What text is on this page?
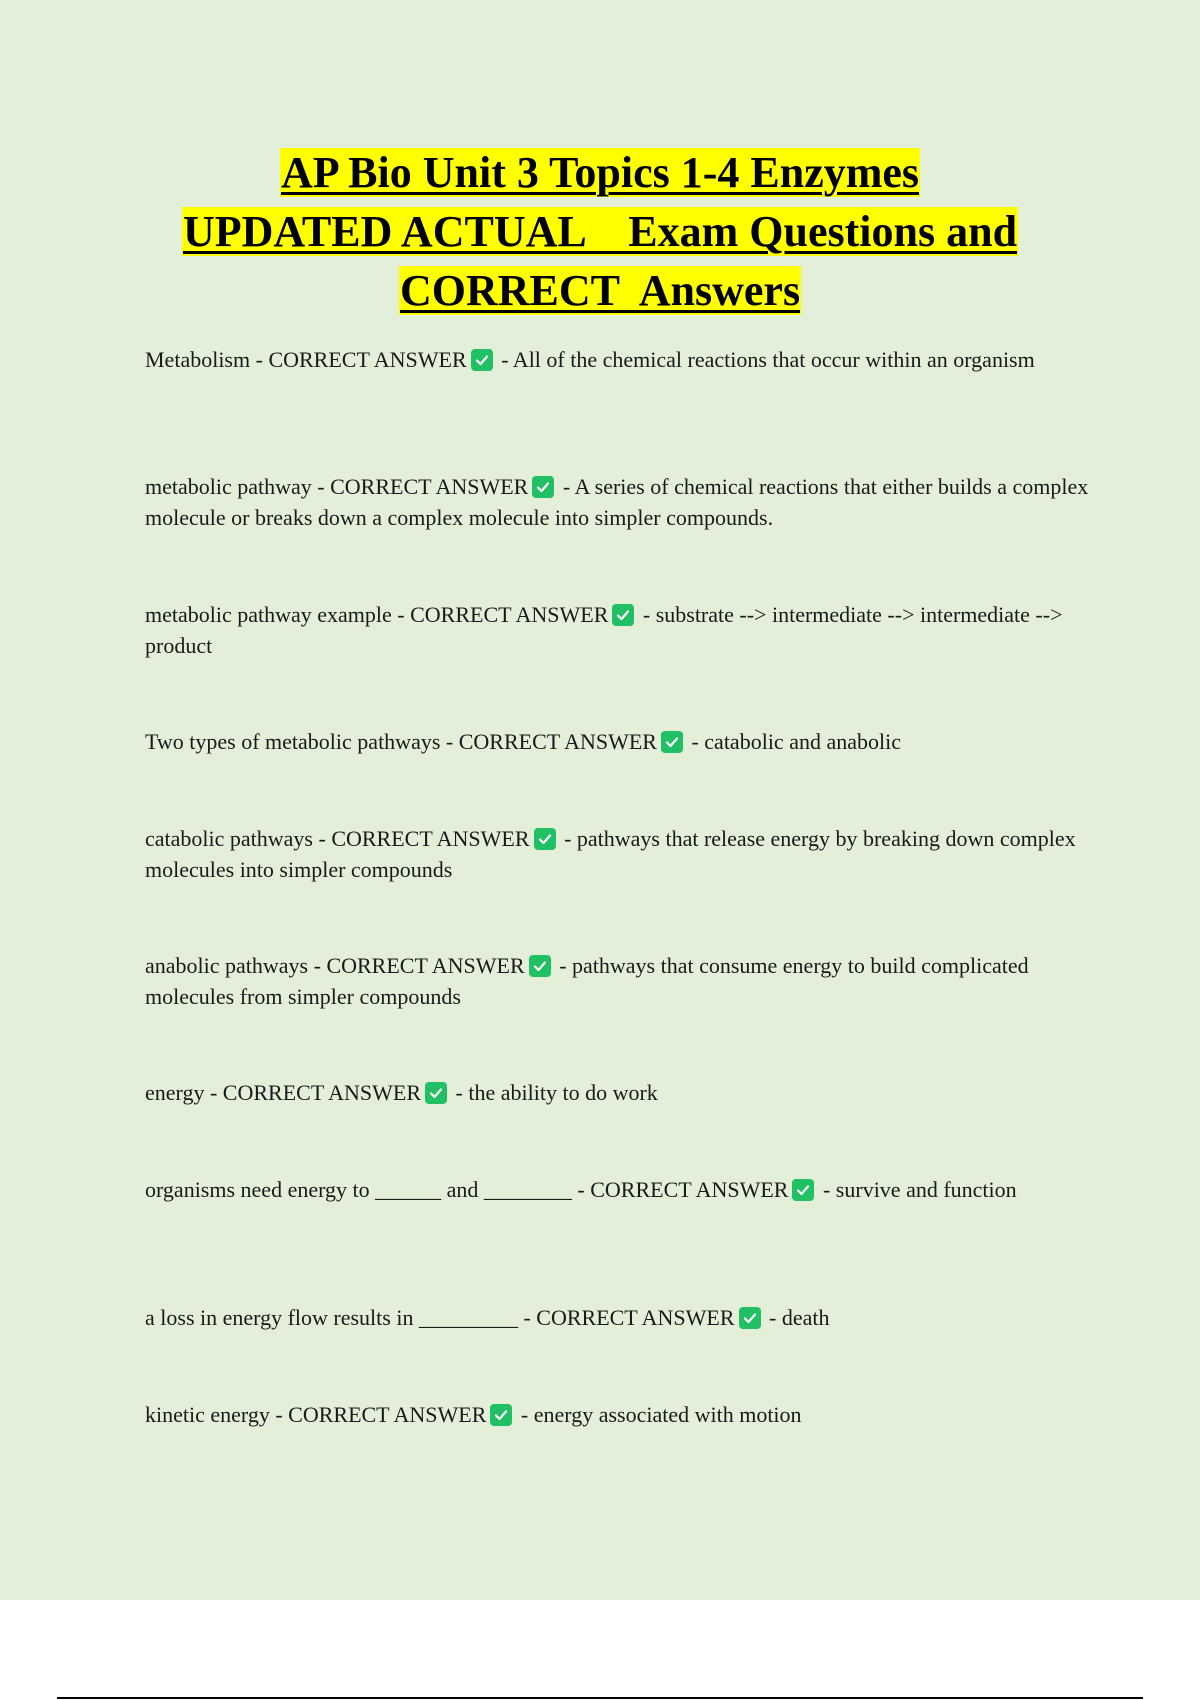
AP Bio Unit 3 Topics 1-4 Enzymes
UPDATED ACTUAL    Exam Questions and
CORRECT  Answers
Metabolism - CORRECT ANSWER
- All of the chemical reactions that occur within an organism
metabolic pathway - CORRECT ANSWER
- A series of chemical reactions that either builds a complex molecule or breaks down a complex molecule into simpler compounds.
metabolic pathway example - CORRECT ANSWER
- substrate --> intermediate --> intermediate --> product
Two types of metabolic pathways - CORRECT ANSWER
- catabolic and anabolic
catabolic pathways - CORRECT ANSWER
- pathways that release energy by breaking down complex molecules into simpler compounds
anabolic pathways - CORRECT ANSWER
- pathways that consume energy to build complicated molecules from simpler compounds
energy - CORRECT ANSWER
- the ability to do work
organisms need energy to ______ and ________ - CORRECT ANSWER
- survive and function
a loss in energy flow results in _________ - CORRECT ANSWER
- death
kinetic energy - CORRECT ANSWER
- energy associated with motion
